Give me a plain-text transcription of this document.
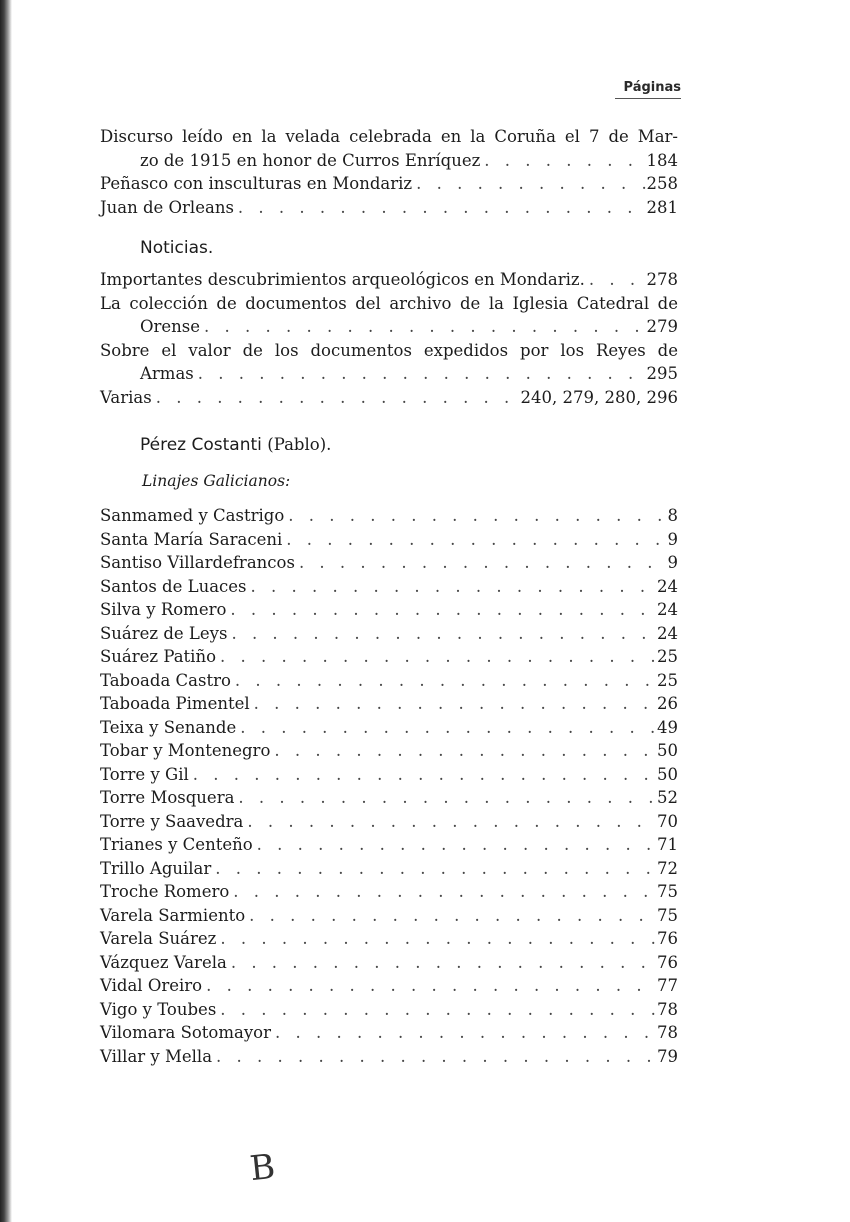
Páginas
Discurso leído en la velada celebrada en la Coruña el 7 de Mar-
zo de 1915 en honor de Curros Enríquez . . .	184
Peñasco con insculturas en Mondariz . . .	258
Juan de Orleans . . .	281
Noticias.
Importantes descubrimientos arqueológicos en Mondariz. . . .	278
La colección de documentos del archivo de la Iglesia Catedral de
Orense . . .	279
Sobre el valor de los documentos expedidos por los Reyes de
Armas . . .	295
Varias . . .	240, 279, 280, 296
Pérez Costanti (Pablo).
Linajes Galicianos:
Sanmamed y Castrigo . . .	8
Santa María Saraceni . . .	9
Santiso Villardefrancos . . .	9
Santos de Luaces . . .	24
Silva y Romero . . .	24
Suárez de Leys . . .	24
Suárez Patiño . . .	25
Taboada Castro . . .	25
Taboada Pimentel . . .	26
Teixa y Senande . . .	49
Tobar y Montenegro . . .	50
Torre y Gil . . .	50
Torre Mosquera . . .	52
Torre y Saavedra . . .	70
Trianes y Centeño . . .	71
Trillo Aguilar . . .	72
Troche Romero . . .	75
Varela Sarmiento . . .	75
Varela Suárez . . .	76
Vázquez Varela . . .	76
Vidal Oreiro . . .	77
Vigo y Toubes . . .	78
Vilomara Sotomayor . . .	78
Villar y Mella . . .	79
B
